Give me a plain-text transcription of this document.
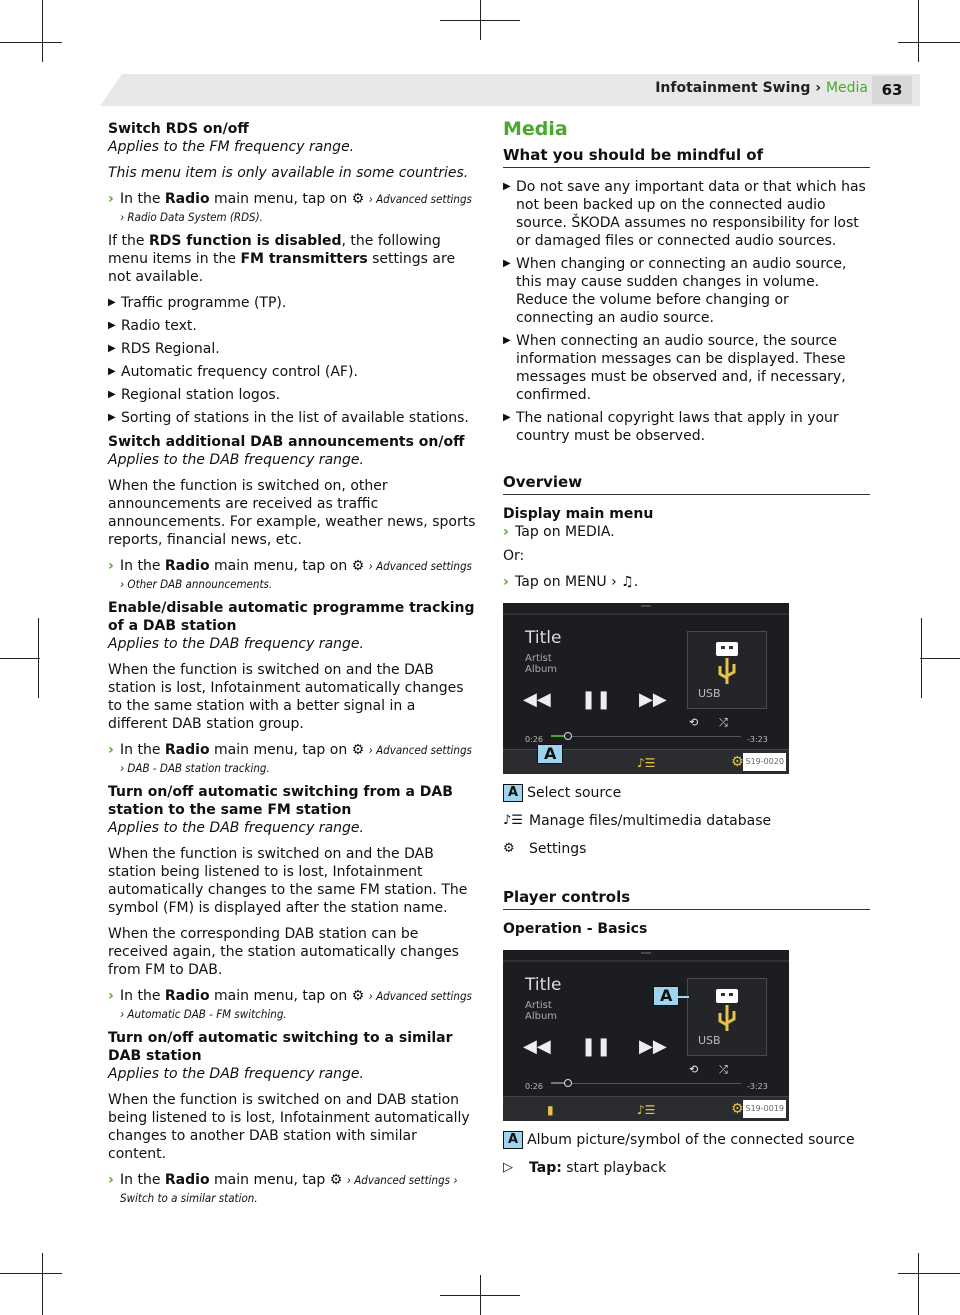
Infotainment Swing › Media 63

Switch RDS on/off

Applies to the FM frequency range.

This menu item is only available in some countries.

› In the Radio main menu, tap on ⚙ › Advanced settings › Radio Data System (RDS).

If the RDS function is disabled, the following menu items in the FM transmitters settings are not available.

▶ Traffic programme (TP).
▶ Radio text.
▶ RDS Regional.
▶ Automatic frequency control (AF).
▶ Regional station logos.
▶ Sorting of stations in the list of available stations.

Switch additional DAB announcements on/off

Applies to the DAB frequency range.

When the function is switched on, other announcements are received as traffic announcements. For example, weather news, sports reports, financial news, etc.

› In the Radio main menu, tap on ⚙ › Advanced settings › Other DAB announcements.

Enable/disable automatic programme tracking of a DAB station

Applies to the DAB frequency range.

When the function is switched on and the DAB station is lost, Infotainment automatically changes to the same station with a better signal in a different DAB station group.

› In the Radio main menu, tap on ⚙ › Advanced settings › DAB - DAB station tracking.

Turn on/off automatic switching from a DAB station to the same FM station

Applies to the DAB frequency range.

When the function is switched on and the DAB station being listened to is lost, Infotainment automatically changes to the same FM station. The symbol (FM) is displayed after the station name.

When the corresponding DAB station can be received again, the station automatically changes from FM to DAB.

› In the Radio main menu, tap on ⚙ › Advanced settings › Automatic DAB - FM switching.

Turn on/off automatic switching to a similar DAB station

Applies to the DAB frequency range.

When the function is switched on and DAB station being listened to is lost, Infotainment automatically changes to another DAB station with similar content.

› In the Radio main menu, tap ⚙ › Advanced settings › Switch to a similar station.
Media
What you should be mindful of
▶ Do not save any important data or that which has not been backed up on the connected audio source. ŠKODA assumes no responsibility for lost or damaged files or connected audio sources.
▶ When changing or connecting an audio source, this may cause sudden changes in volume. Reduce the volume before changing or connecting an audio source.
▶ When connecting an audio source, the source information messages can be displayed. These messages must be observed and, if necessary, confirmed.
▶ The national copyright laws that apply in your country must be observed.
Overview

Display main menu

› Tap on MEDIA.

Or:

› Tap on MENU › ♫.
Title
Artist
Album
USB
◀◀ ❚❚ ▶▶
⟲ ⤮
0:26	-3:23
A	♪☰	⚙ S19-0020
A Select source
♪☰ Manage files/multimedia database
⚙	Settings
Player controls

Operation - Basics

Title
Artist
Album
USB
A
◀◀ ❚❚ ▶▶
⟲ ⤮
0:26	-3:23
▮	♪☰	⚙ S19-0019
A Album picture/symbol of the connected source
▷	Tap:
start playback
